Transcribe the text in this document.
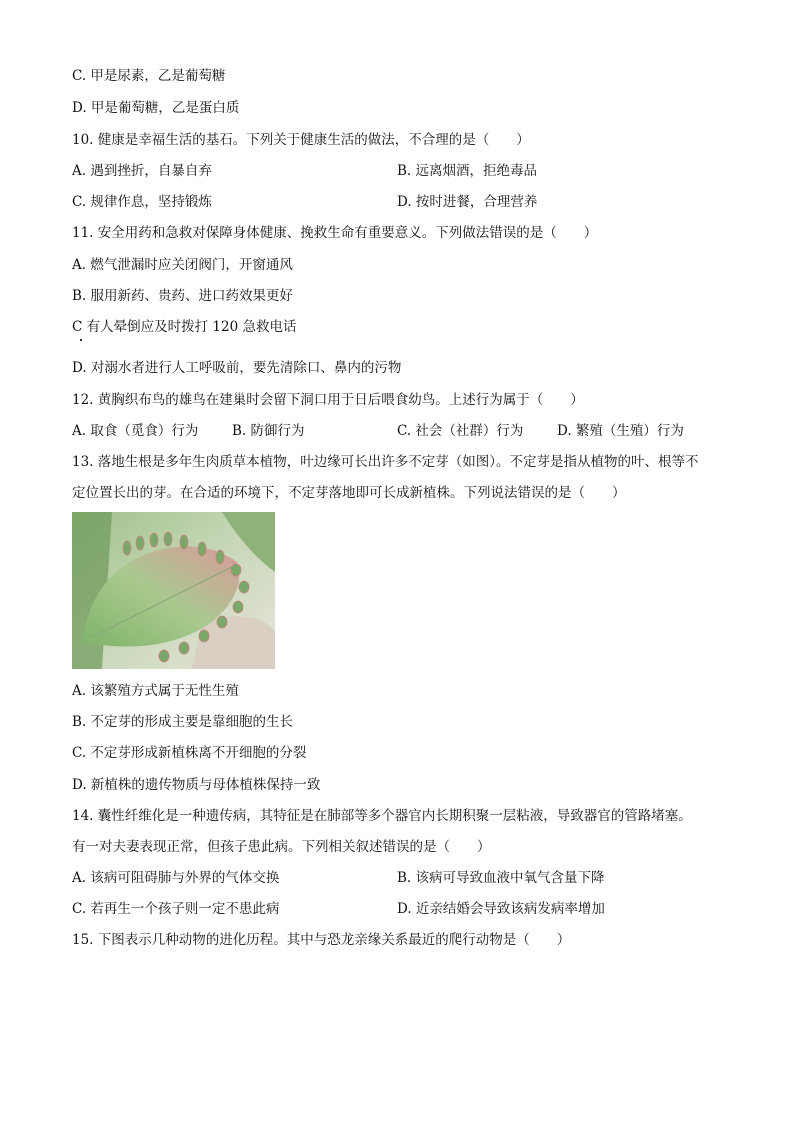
C. 甲是尿素，乙是葡萄糖
D. 甲是葡萄糖，乙是蛋白质
10. 健康是幸福生活的基石。下列关于健康生活的做法，不合理的是（　　）
A. 遇到挫折，自暴自弃	B. 远离烟酒，拒绝毒品
C. 规律作息，坚持锻炼	D. 按时进餐，合理营养
11. 安全用药和急救对保障身体健康、挽救生命有重要意义。下列做法错误的是（　　）
A. 燃气泄漏时应关闭阀门，开窗通风
B. 服用新药、贵药、进口药效果更好
C 有人晕倒应及时拨打 120 急救电话
D. 对溺水者进行人工呼吸前，要先清除口、鼻内的污物
12. 黄胸织布鸟的雄鸟在建巢时会留下洞口用于日后喂食幼鸟。上述行为属于（　　）
A. 取食（觅食）行为 B. 防御行为	C. 社会（社群）行为 D. 繁殖（生殖）行为
13. 落地生根是多年生肉质草本植物，叶边缘可长出许多不定芽（如图）。不定芽是指从植物的叶、根等不
定位置长出的芽。在合适的环境下，不定芽落地即可长成新植株。下列说法错误的是（　　）
A. 该繁殖方式属于无性生殖
B. 不定芽的形成主要是靠细胞的生长
C. 不定芽形成新植株离不开细胞的分裂
D. 新植株的遗传物质与母体植株保持一致
14. 囊性纤维化是一种遗传病，其特征是在肺部等多个器官内长期积聚一层粘液，导致器官的管路堵塞。
有一对夫妻表现正常，但孩子患此病。下列相关叙述错误的是（　　）
A. 该病可阻碍肺与外界的气体交换	B. 该病可导致血液中氧气含量下降
C. 若再生一个孩子则一定不患此病	D. 近亲结婚会导致该病发病率增加
15. 下图表示几种动物的进化历程。其中与恐龙亲缘关系最近的爬行动物是（　　）
